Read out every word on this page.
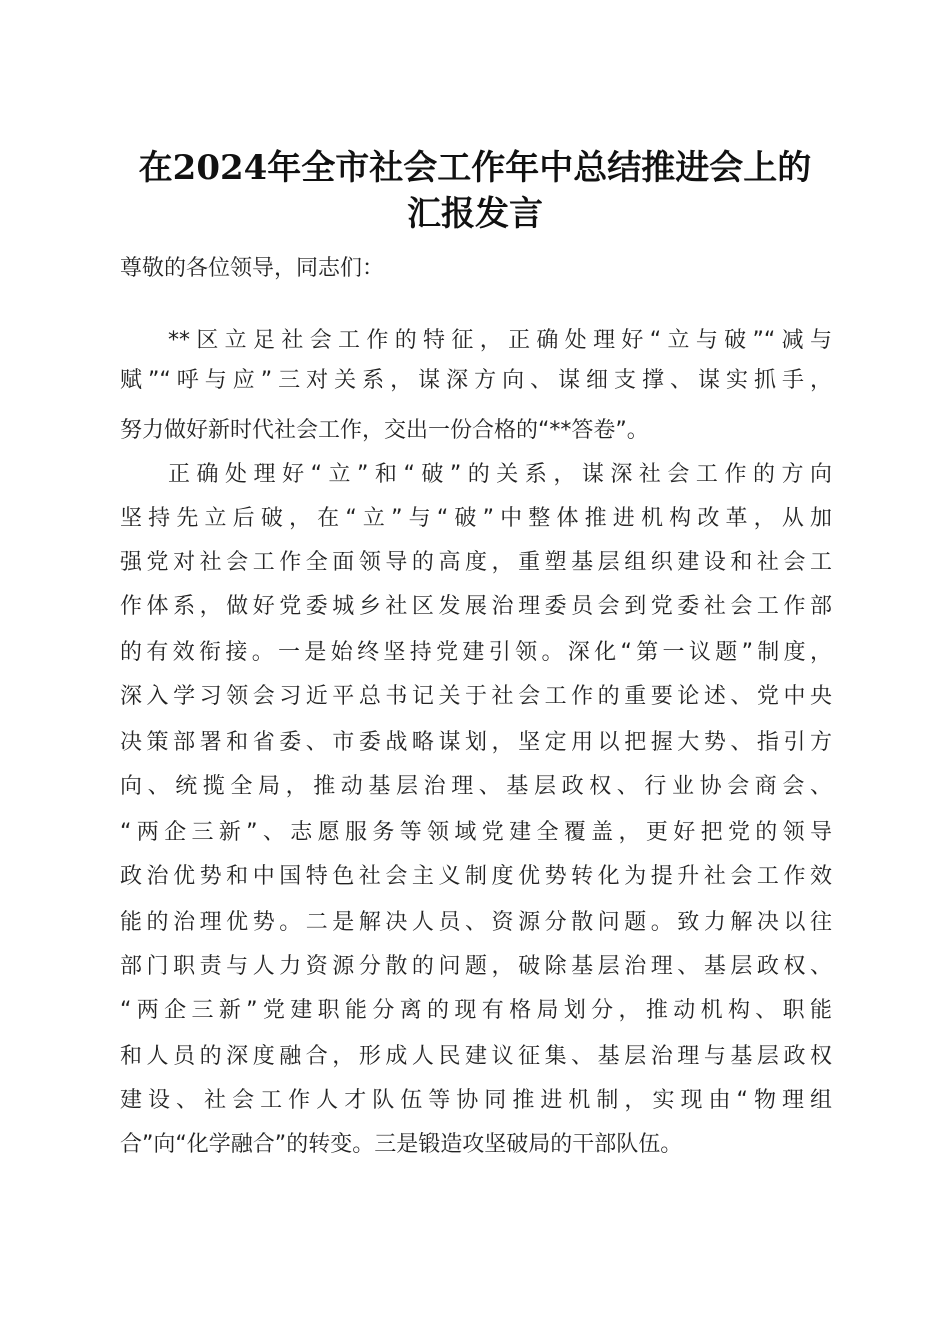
在2024年全市社会工作年中总结推进会上的
汇报发言

尊敬的各位领导，同志们：

**区立足社会工作的特征，正确处理好“立与破”“减与

赋”“呼与应”三对关系，谋深方向、谋细支撑、谋实抓手，

努力做好新时代社会工作，交出一份合格的“**答卷”。

正确处理好“立”和“破”的关系，谋深社会工作的方向

坚持先立后破，在“立”与“破”中整体推进机构改革，从加

强党对社会工作全面领导的高度，重塑基层组织建设和社会工

作体系，做好党委城乡社区发展治理委员会到党委社会工作部

的有效衔接。一是始终坚持党建引领。深化“第一议题”制度，

深入学习领会习近平总书记关于社会工作的重要论述、党中央

决策部署和省委、市委战略谋划，坚定用以把握大势、指引方

向、统揽全局，推动基层治理、基层政权、行业协会商会、

“两企三新”、志愿服务等领域党建全覆盖，更好把党的领导

政治优势和中国特色社会主义制度优势转化为提升社会工作效

能的治理优势。二是解决人员、资源分散问题。致力解决以往

部门职责与人力资源分散的问题，破除基层治理、基层政权、

“两企三新”党建职能分离的现有格局划分，推动机构、职能

和人员的深度融合，形成人民建议征集、基层治理与基层政权

建设、社会工作人才队伍等协同推进机制，实现由“物理组

合”向“化学融合”的转变。三是锻造攻坚破局的干部队伍。
